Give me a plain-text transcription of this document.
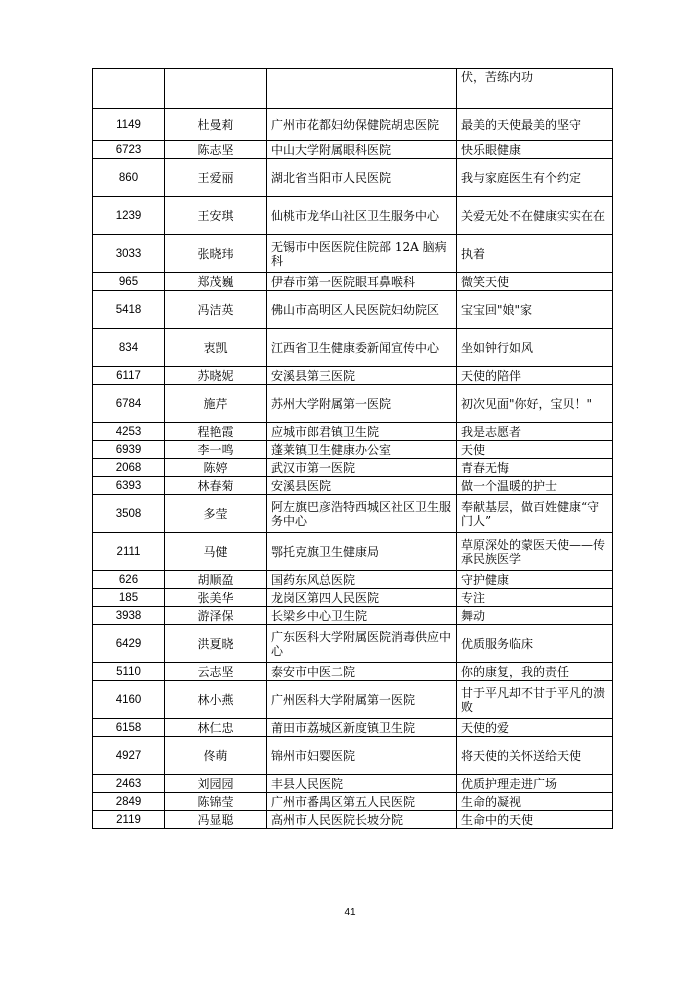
			伏，苦练内功
1149	杜曼莉	广州市花都妇幼保健院胡忠医院	最美的天使最美的坚守
6723	陈志坚	中山大学附属眼科医院	快乐眼健康
860	王爱丽	湖北省当阳市人民医院	我与家庭医生有个约定
1239	王安琪	仙桃市龙华山社区卫生服务中心	关爱无处不在健康实实在在
3033	张晓玮	无锡市中医医院住院部 12A 脑病科	执着
965	郑茂巍	伊春市第一医院眼耳鼻喉科	微笑天使
5418	冯洁英	佛山市高明区人民医院妇幼院区	宝宝回"娘"家
834	衷凯	江西省卫生健康委新闻宣传中心	坐如钟行如风
6117	苏晓妮	安溪县第三医院	天使的陪伴
6784	施芹	苏州大学附属第一医院	初次见面"你好，宝贝！"
4253	程艳霞	应城市郎君镇卫生院	我是志愿者
6939	李一鸣	蓬莱镇卫生健康办公室	天使
2068	陈婷	武汉市第一医院	青春无悔
6393	林春菊	安溪县医院	做一个温暖的护士
3508	多莹	阿左旗巴彦浩特西城区社区卫生服务中心	奉献基层，做百姓健康“守门人”
2111	马健	鄂托克旗卫生健康局	草原深处的蒙医天使——传承民族医学
626	胡顺盈	国药东风总医院	守护健康
185	张美华	龙岗区第四人民医院	专注
3938	游泽保	长梁乡中心卫生院	舞动
6429	洪夏晓	广东医科大学附属医院消毒供应中心	优质服务临床
5110	云志坚	泰安市中医二院	你的康复，我的责任
4160	林小燕	广州医科大学附属第一医院	甘于平凡却不甘于平凡的溃败
6158	林仁忠	莆田市荔城区新度镇卫生院	天使的爱
4927	佟萌	锦州市妇婴医院	将天使的关怀送给天使
2463	刘园园	丰县人民医院	优质护理走进广场
2849	陈锦莹	广州市番禺区第五人民医院	生命的凝视
2119	冯显聪	高州市人民医院长坡分院	生命中的天使
41
